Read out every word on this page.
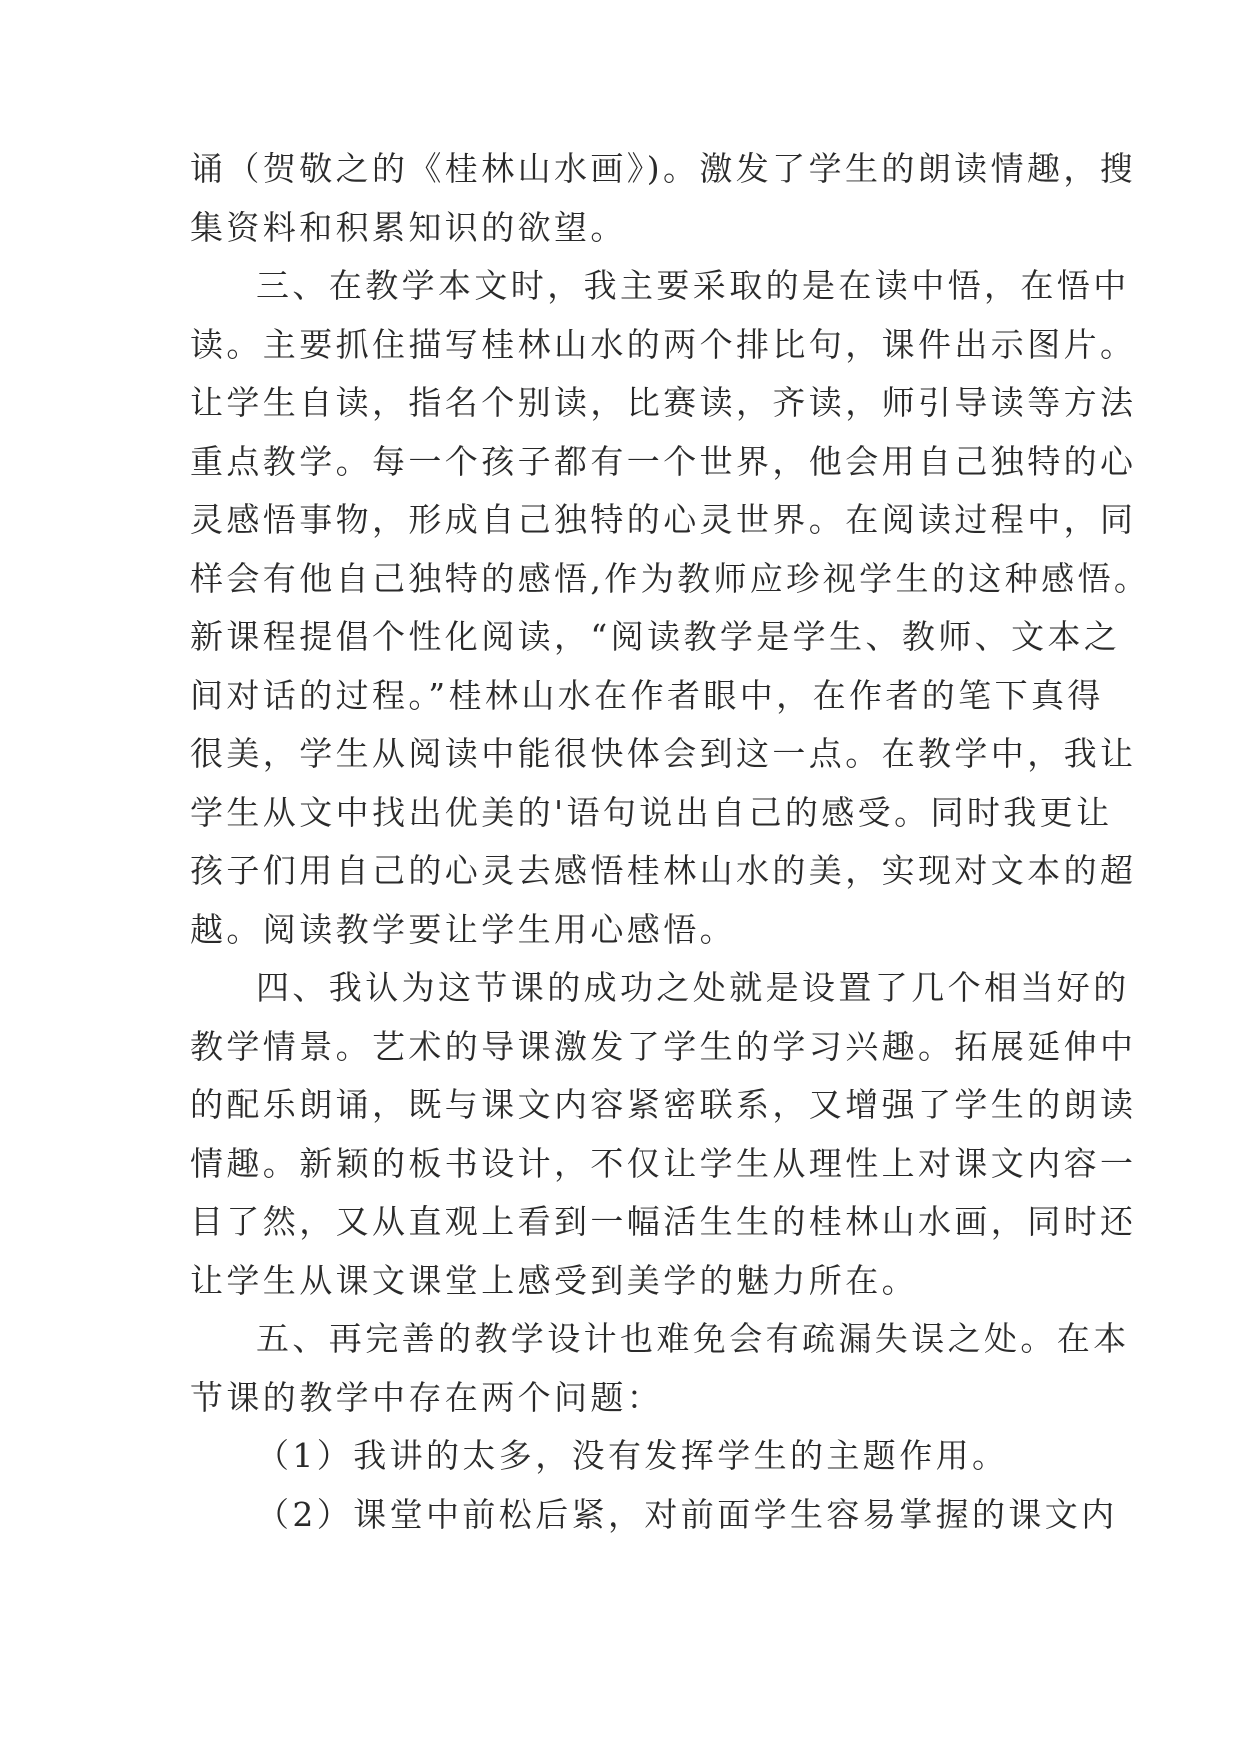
诵（贺敬之的《桂林山水画》)。激发了学生的朗读情趣，搜
集资料和积累知识的欲望。
三、在教学本文时，我主要采取的是在读中悟，在悟中
读。主要抓住描写桂林山水的两个排比句，课件出示图片。
让学生自读，指名个别读，比赛读，齐读，师引导读等方法
重点教学。每一个孩子都有一个世界，他会用自己独特的心
灵感悟事物，形成自己独特的心灵世界。在阅读过程中，同
样会有他自己独特的感悟,作为教师应珍视学生的这种感悟。
新课程提倡个性化阅读，“阅读教学是学生、教师、文本之
间对话的过程。”桂林山水在作者眼中，在作者的笔下真得
很美，学生从阅读中能很快体会到这一点。在教学中，我让
学生从文中找出优美的'语句说出自己的感受。同时我更让
孩子们用自己的心灵去感悟桂林山水的美，实现对文本的超
越。阅读教学要让学生用心感悟。
四、我认为这节课的成功之处就是设置了几个相当好的
教学情景。艺术的导课激发了学生的学习兴趣。拓展延伸中
的配乐朗诵，既与课文内容紧密联系，又增强了学生的朗读
情趣。新颖的板书设计，不仅让学生从理性上对课文内容一
目了然，又从直观上看到一幅活生生的桂林山水画，同时还
让学生从课文课堂上感受到美学的魅力所在。
五、再完善的教学设计也难免会有疏漏失误之处。在本
节课的教学中存在两个问题：
（1）我讲的太多，没有发挥学生的主题作用。
（2）课堂中前松后紧，对前面学生容易掌握的课文内
